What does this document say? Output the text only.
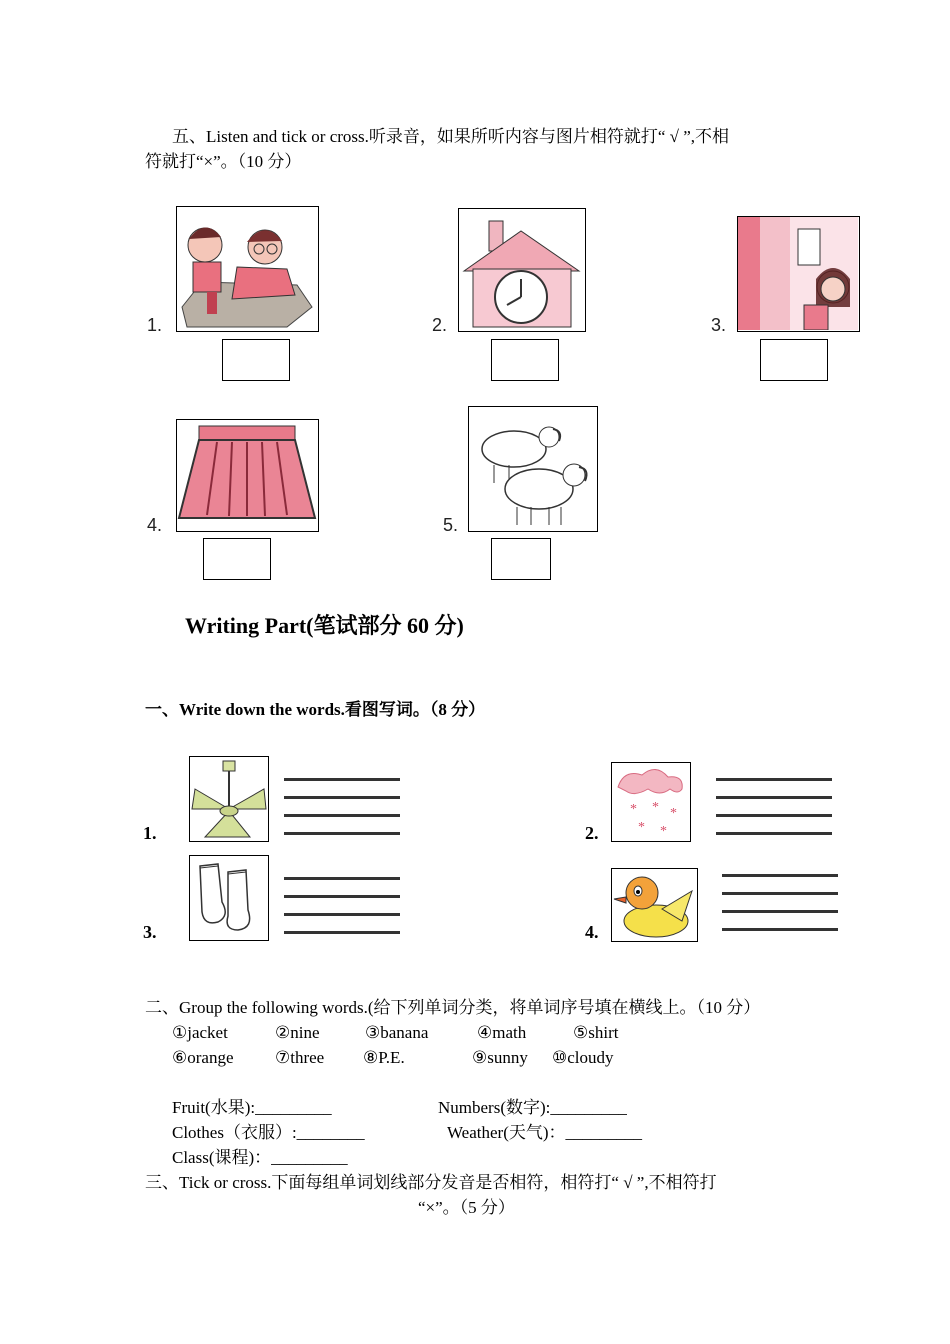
五、Listen and tick or cross.听录音，如果所听内容与图片相符就打“ √ ”,不相
符就打“×”。（10 分）
1.	2.	3.
4.	5.
Writing Part(笔试部分 60 分)
一、Write down the words.看图写词。（8 分）
1.	2.
* * *
* *
3.	4.
二、Group the following words.(给下列单词分类，将单词序号填在横线上。（10 分）
①jacket	②nine	③banana	④math	⑤shirt
⑥orange ⑦three ⑧P.E.	⑨sunny ⑩cloudy
Fruit(水果):_________	Numbers(数字):_________
Clothes（衣服）:________	Weather(天气)：_________
Class(课程)：_________
三、Tick or cross.下面每组单词划线部分发音是否相符，相符打“ √ ”,不相符打
“×”。（5 分）
